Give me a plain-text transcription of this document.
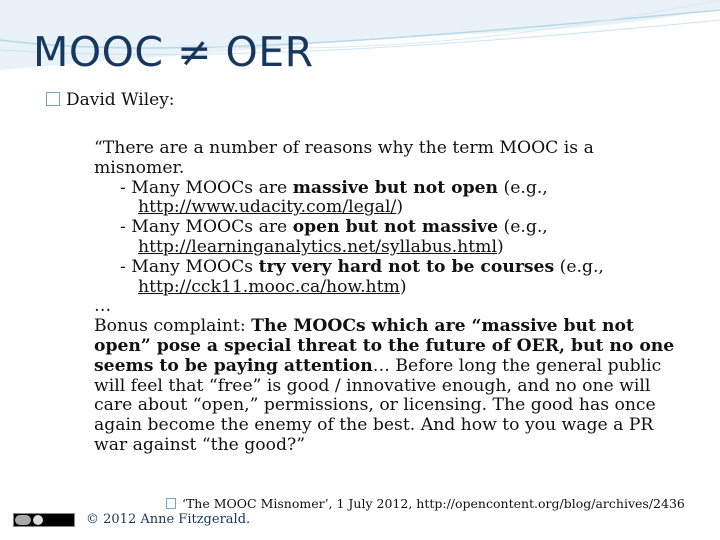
MOOC ≠ OER
David Wiley:

“There are a number of reasons why the term MOOC is a misnomer.

- Many MOOCs are massive but not open (e.g.,

http://www.udacity.com/legal/)

- Many MOOCs are open but not massive (e.g.,

http://learninganalytics.net/syllabus.html)

- Many MOOCs try very hard not to be courses (e.g.,

http://cck11.mooc.ca/how.htm)

…

Bonus complaint: The MOOCs which are “massive but not open” pose a special threat to the future of OER, but no one seems to be paying attention… Before long the general public will feel that “free” is good / innovative enough, and no one will care about “open,” permissions, or licensing. The good has once again become the enemy of the best. And how to you wage a PR war against “the good?”

‘The MOOC Misnomer’, 1 July 2012, http://opencontent.org/blog/archives/2436
© 2012 Anne Fitzgerald.
